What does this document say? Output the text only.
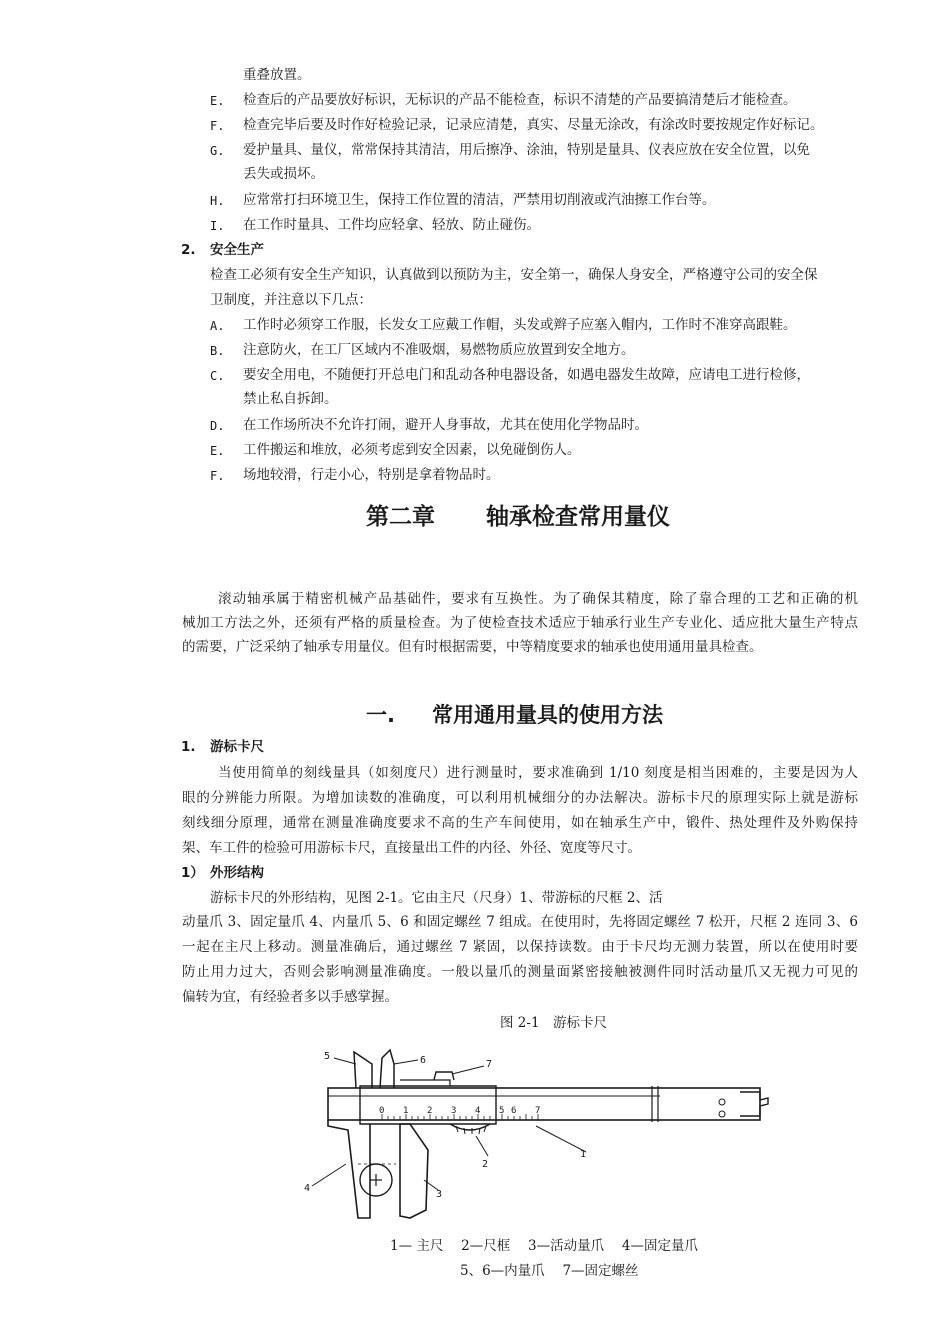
重叠放置。
E. 检查后的产品要放好标识，无标识的产品不能检查，标识不清楚的产品要搞清楚后才能检查。
F. 检查完毕后要及时作好检验记录，记录应清楚，真实、尽量无涂改，有涂改时要按规定作好标记。
G. 爱护量具、量仪，常常保持其清洁，用后擦净、涂油，特别是量具、仪表应放在安全位置，以免
丢失或损坏。
H. 应常常打扫环境卫生，保持工作位置的清洁，严禁用切削液或汽油擦工作台等。
I. 在工作时量具、工件均应轻拿、轻放、防止碰伤。
2. 安全生产
检查工必须有安全生产知识，认真做到以预防为主，安全第一，确保人身安全，严格遵守公司的安全保
卫制度，并注意以下几点：
A. 工作时必须穿工作服，长发女工应戴工作帽，头发或辫子应塞入帽内，工作时不准穿高跟鞋。
B. 注意防火，在工厂区域内不准吸烟，易燃物质应放置到安全地方。
C. 要安全用电，不随便打开总电门和乱动各种电器设备，如遇电器发生故障，应请电工进行检修，
禁止私自拆卸。
D. 在工作场所决不允许打闹，避开人身事故，尤其在使用化学物品时。
E. 工件搬运和堆放，必须考虑到安全因素，以免碰倒伤人。
F. 场地较滑，行走小心，特别是拿着物品时。
第二章 轴承检查常用量仪
滚动轴承属于精密机械产品基础件，要求有互换性。为了确保其精度，除了靠合理的工艺和正确的机
械加工方法之外，还须有严格的质量检查。为了使检查技术适应于轴承行业生产专业化、适应批大量生产特点
的需要，广泛采纳了轴承专用量仪。但有时根据需要，中等精度要求的轴承也使用通用量具检查。
一. 常用通用量具的使用方法
1. 游标卡尺
当使用简单的刻线量具（如刻度尺）进行测量时，要求准确到 1/10 刻度是相当困难的，主要是因为人
眼的分辨能力所限。为增加读数的准确度，可以利用机械细分的办法解决。游标卡尺的原理实际上就是游标
刻线细分原理，通常在测量准确度要求不高的生产车间使用，如在轴承生产中，锻件、热处理件及外购保持
架、车工件的检验可用游标卡尺，直接量出工件的内径、外径、宽度等尺寸。
1） 外形结构
游标卡尺的外形结构，见图 2-1。它由主尺（尺身）1、带游标的尺框 2、活
动量爪 3、固定量爪 4、内量爪 5、6 和固定螺丝 7 组成。在使用时，先将固定螺丝 7 松开，尺框 2 连同 3、6
一起在主尺上移动。测量准确后，通过螺丝 7 紧固，以保持读数。由于卡尺均无测力装置，所以在使用时要
防止用力过大，否则会影响测量准确度。一般以量爪的测量面紧密接触被测件同时活动量爪又无视力可见的
偏转为宜，有经验者多以手感掌握。
图 2-1　游标卡尺
0 1 2 3 4 5 6 7
1
2
3
4
5	6	7
1— 主尺　 2—尺框　 3—活动量爪　 4—固定量爪
5、6—内量爪　 7—固定螺丝
